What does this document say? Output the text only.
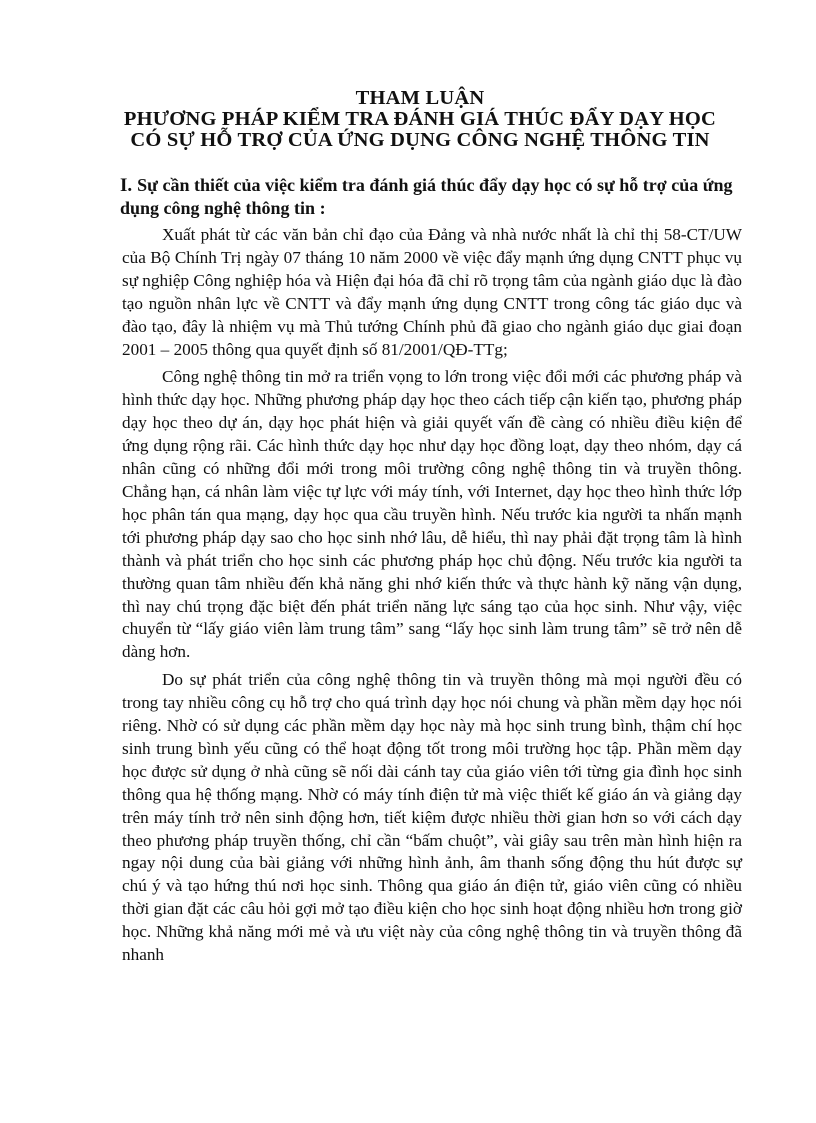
THAM LUẬN
PHƯƠNG PHÁP KIỂM TRA ĐÁNH GIÁ THÚC ĐẨY DẠY HỌC
CÓ SỰ HỖ TRỢ CỦA ỨNG DỤNG CÔNG NGHỆ THÔNG TIN
I. Sự cần thiết của việc kiểm tra đánh giá thúc đẩy dạy học có sự hỗ trợ của ứng dụng công nghệ thông tin :

Xuất phát từ các văn bản chỉ đạo của Đảng và nhà nước nhất là chỉ thị 58-CT/UW của Bộ Chính Trị ngày 07 tháng 10 năm 2000 về việc đẩy mạnh ứng dụng CNTT phục vụ sự nghiệp Công nghiệp hóa và Hiện đại hóa đã chỉ rõ trọng tâm của ngành giáo dục là đào tạo nguồn nhân lực về CNTT và đẩy mạnh ứng dụng CNTT trong công tác giáo dục và đào tạo, đây là nhiệm vụ mà Thủ tướng Chính phủ đã giao cho ngành giáo dục giai đoạn 2001 – 2005 thông qua quyết định số 81/2001/QĐ-TTg;

Công nghệ thông tin mở ra triển vọng to lớn trong việc đổi mới các phương pháp và hình thức dạy học. Những phương pháp dạy học theo cách tiếp cận kiến tạo, phương pháp dạy học theo dự án, dạy học phát hiện và giải quyết vấn đề càng có nhiều điều kiện để ứng dụng rộng rãi. Các hình thức dạy học như dạy học đồng loạt, dạy theo nhóm, dạy cá nhân cũng có những đổi mới trong môi trường công nghệ thông tin và truyền thông. Chẳng hạn, cá nhân làm việc tự lực với máy tính, với Internet, dạy học theo hình thức lớp học phân tán qua mạng, dạy học qua cầu truyền hình. Nếu trước kia người ta nhấn mạnh tới phương pháp dạy sao cho học sinh nhớ lâu, dễ hiểu, thì nay phải đặt trọng tâm là hình thành và phát triển cho học sinh các phương pháp học chủ động. Nếu trước kia người ta thường quan tâm nhiều đến khả năng ghi nhớ kiến thức và thực hành kỹ năng vận dụng, thì nay chú trọng đặc biệt đến phát triển năng lực sáng tạo của học sinh. Như vậy, việc chuyển từ “lấy giáo viên làm trung tâm” sang “lấy học sinh làm trung tâm” sẽ trở nên dễ dàng hơn.

Do sự phát triển của công nghệ thông tin và truyền thông mà mọi người đều có trong tay nhiều công cụ hỗ trợ cho quá trình dạy học nói chung và phần mềm dạy học nói riêng. Nhờ có sử dụng các phần mềm dạy học này mà học sinh trung bình, thậm chí học sinh trung bình yếu cũng có thể hoạt động tốt trong môi trường học tập. Phần mềm dạy học được sử dụng ở nhà cũng sẽ nối dài cánh tay của giáo viên tới từng gia đình học sinh thông qua hệ thống mạng. Nhờ có máy tính điện tử mà việc thiết kế giáo án và giảng dạy trên máy tính trở nên sinh động hơn, tiết kiệm được nhiều thời gian hơn so với cách dạy theo phương pháp truyền thống, chỉ cần “bấm chuột”, vài giây sau trên màn hình hiện ra ngay nội dung của bài giảng với những hình ảnh, âm thanh sống động thu hút được sự chú ý và tạo hứng thú nơi học sinh. Thông qua giáo án điện tử, giáo viên cũng có nhiều thời gian đặt các câu hỏi gợi mở tạo điều kiện cho học sinh hoạt động nhiều hơn trong giờ học. Những khả năng mới mẻ và ưu việt này của công nghệ thông tin và truyền thông đã nhanh
